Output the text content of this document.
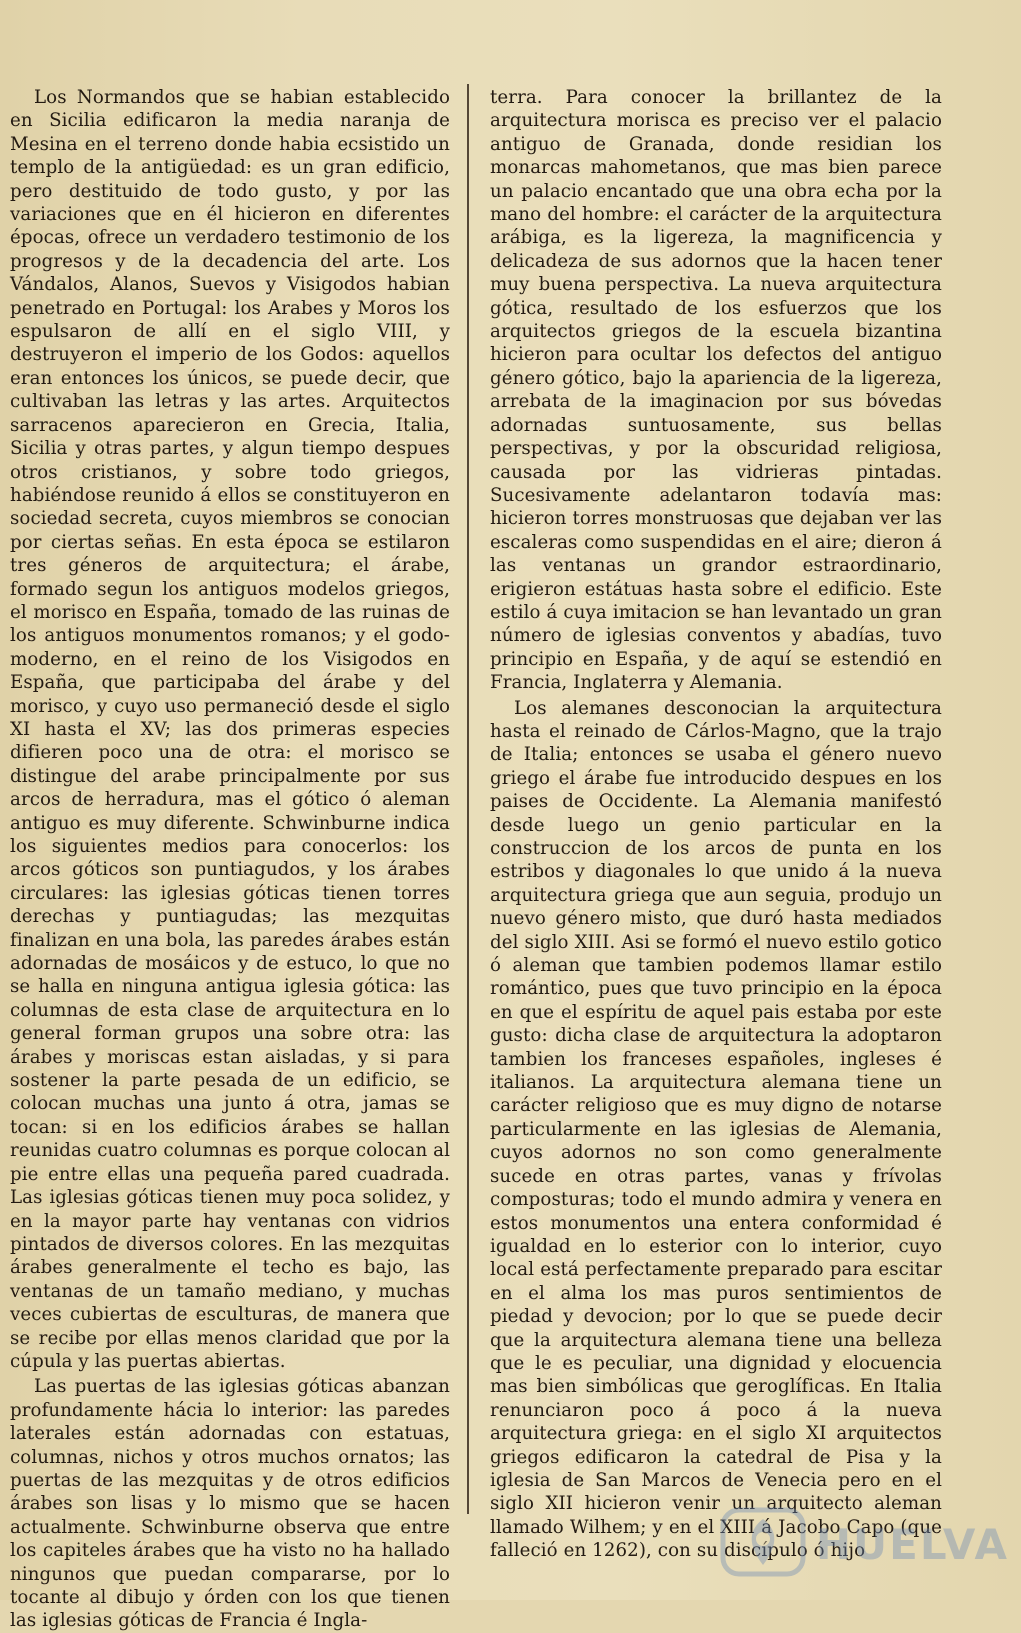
Los Normandos que se habian establecido en Sicilia edificaron la media naranja de Mesina en el terreno donde habia ecsistido un templo de la antigüedad: es un gran edificio, pero destituido de todo gusto, y por las variaciones que en él hicieron en diferentes épocas, ofrece un verdadero testimonio de los progresos y de la decadencia del arte. Los Vándalos, Alanos, Suevos y Visigodos habian penetrado en Portugal: los Arabes y Moros los espulsaron de allí en el siglo VIII, y destruyeron el imperio de los Godos: aquellos eran entonces los únicos, se puede decir, que cultivaban las letras y las artes. Arquitectos sarracenos aparecieron en Grecia, Italia, Sicilia y otras partes, y algun tiempo despues otros cristianos, y sobre todo griegos, habiéndose reunido á ellos se constituyeron en sociedad secreta, cuyos miembros se conocian por ciertas señas. En esta época se estilaron tres géneros de arquitectura; el árabe, formado segun los antiguos modelos griegos, el morisco en España, tomado de las ruinas de los antiguos monumentos romanos; y el godo-moderno, en el reino de los Visigodos en España, que participaba del árabe y del morisco, y cuyo uso permaneció desde el siglo XI hasta el XV; las dos primeras especies difieren poco una de otra: el morisco se distingue del arabe principalmente por sus arcos de herradura, mas el gótico ó aleman antiguo es muy diferente. Schwinburne indica los siguientes medios para conocerlos: los arcos góticos son puntiagudos, y los árabes circulares: las iglesias góticas tienen torres derechas y puntiagudas; las mezquitas finalizan en una bola, las paredes árabes están adornadas de mosáicos y de estuco, lo que no se halla en ninguna antigua iglesia gótica: las columnas de esta clase de arquitectura en lo general forman grupos una sobre otra: las árabes y moriscas estan aisladas, y si para sostener la parte pesada de un edificio, se colocan muchas una junto á otra, jamas se tocan: si en los edificios árabes se hallan reunidas cuatro columnas es porque colocan al pie entre ellas una pequeña pared cuadrada. Las iglesias góticas tienen muy poca solidez, y en la mayor parte hay ventanas con vidrios pintados de diversos colores. En las mezquitas árabes generalmente el techo es bajo, las ventanas de un tamaño mediano, y muchas veces cubiertas de esculturas, de manera que se recibe por ellas menos claridad que por la cúpula y las puertas abiertas.

Las puertas de las iglesias góticas abanzan profundamente hácia lo interior: las paredes laterales están adornadas con estatuas, columnas, nichos y otros muchos ornatos; las puertas de las mezquitas y de otros edificios árabes son lisas y lo mismo que se hacen actualmente. Schwinburne observa que entre los capiteles árabes que ha visto no ha hallado ningunos que puedan compararse, por lo tocante al dibujo y órden con los que tienen las iglesias góticas de Francia é Ingla-

terra. Para conocer la brillantez de la arquitectura morisca es preciso ver el palacio antiguo de Granada, donde residian los monarcas mahometanos, que mas bien parece un palacio encantado que una obra echa por la mano del hombre: el carácter de la arquitectura arábiga, es la ligereza, la magnificencia y delicadeza de sus adornos que la hacen tener muy buena perspectiva. La nueva arquitectura gótica, resultado de los esfuerzos que los arquitectos griegos de la escuela bizantina hicieron para ocultar los defectos del antiguo género gótico, bajo la apariencia de la ligereza, arrebata de la imaginacion por sus bóvedas adornadas suntuosamente, sus bellas perspectivas, y por la obscuridad religiosa, causada por las vidrieras pintadas. Sucesivamente adelantaron todavía mas: hicieron torres monstruosas que dejaban ver las escaleras como suspendidas en el aire; dieron á las ventanas un grandor estraordinario, erigieron estátuas hasta sobre el edificio. Este estilo á cuya imitacion se han levantado un gran número de iglesias conventos y abadías, tuvo principio en España, y de aquí se estendió en Francia, Inglaterra y Alemania.

Los alemanes desconocian la arquitectura hasta el reinado de Cárlos-Magno, que la trajo de Italia; entonces se usaba el género nuevo griego el árabe fue introducido despues en los paises de Occidente. La Alemania manifestó desde luego un genio particular en la construccion de los arcos de punta en los estribos y diagonales lo que unido á la nueva arquitectura griega que aun seguia, produjo un nuevo género misto, que duró hasta mediados del siglo XIII. Asi se formó el nuevo estilo gotico ó aleman que tambien podemos llamar estilo romántico, pues que tuvo principio en la época en que el espíritu de aquel pais estaba por este gusto: dicha clase de arquitectura la adoptaron tambien los franceses españoles, ingleses é italianos. La arquitectura alemana tiene un carácter religioso que es muy digno de notarse particularmente en las iglesias de Alemania, cuyos adornos no son como generalmente sucede en otras partes, vanas y frívolas composturas; todo el mundo admira y venera en estos monumentos una entera conformidad é igualdad en lo esterior con lo interior, cuyo local está perfectamente preparado para escitar en el alma los mas puros sentimientos de piedad y devocion; por lo que se puede decir que la arquitectura alemana tiene una belleza que le es peculiar, una dignidad y elocuencia mas bien simbólicas que geroglíficas. En Italia renunciaron poco á poco á la nueva arquitectura griega: en el siglo XI arquitectos griegos edificaron la catedral de Pisa y la iglesia de San Marcos de Venecia pero en el siglo XII hicieron venir un arquitecto aleman llamado Wilhem; y en el XIII á Jacobo Capo (que falleció en 1262), con su discípulo ó hijo

HUELVA
